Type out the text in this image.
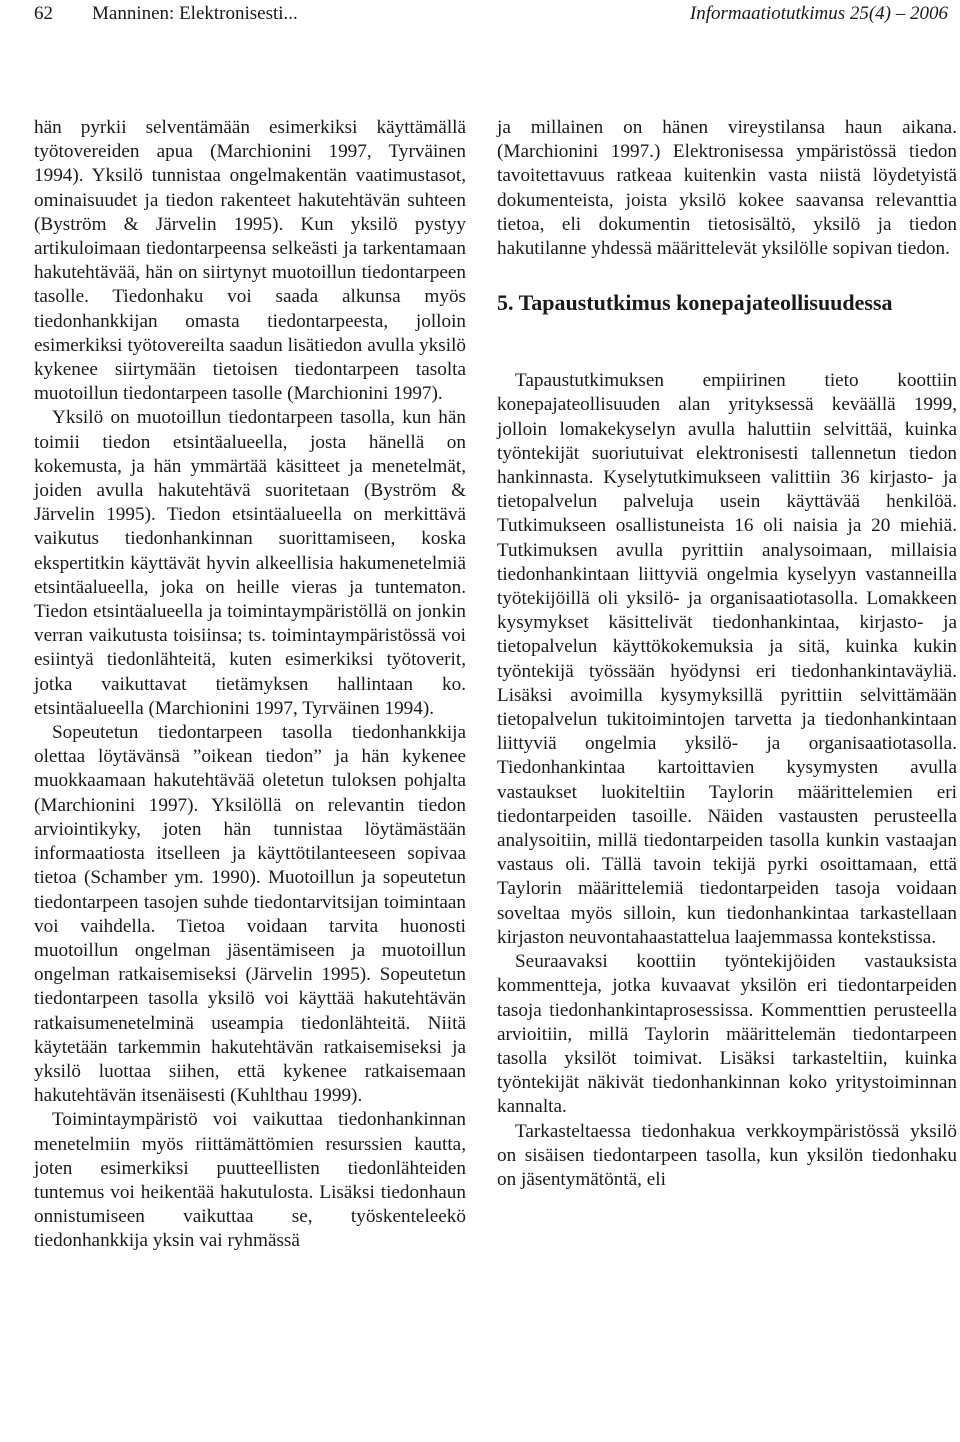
62 Manninen: Elektronisesti...	Informaatiotutkimus 25(4) – 2006

hän pyrkii selventämään esimerkiksi käyttämällä työtovereiden apua (Marchionini 1997, Tyrväinen 1994). Yksilö tunnistaa ongelmakentän vaatimustasot, ominaisuudet ja tiedon rakenteet hakutehtävän suhteen (Byström & Järvelin 1995). Kun yksilö pystyy artikuloimaan tiedontarpeensa selkeästi ja tarkentamaan hakutehtävää, hän on siirtynyt muotoillun tiedontarpeen tasolle. Tiedonhaku voi saada alkunsa myös tiedonhankkijan omasta tiedontarpeesta, jolloin esimerkiksi työtovereilta saadun lisätiedon avulla yksilö kykenee siirtymään tietoisen tiedontarpeen tasolta muotoillun tiedontarpeen tasolle (Marchionini 1997).

Yksilö on muotoillun tiedontarpeen tasolla, kun hän toimii tiedon etsintäalueella, josta hänellä on kokemusta, ja hän ymmärtää käsitteet ja menetelmät, joiden avulla hakutehtävä suoritetaan (Byström & Järvelin 1995). Tiedon etsintäalueella on merkittävä vaikutus tiedonhankinnan suorittamiseen, koska ekspertitkin käyttävät hyvin alkeellisia hakumenetelmiä etsintäalueella, joka on heille vieras ja tuntematon. Tiedon etsintäalueella ja toimintaympäristöllä on jonkin verran vaikutusta toisiinsa; ts. toimintaympäristössä voi esiintyä tiedonlähteitä, kuten esimerkiksi työtoverit, jotka vaikuttavat tietämyksen hallintaan ko. etsintäalueella (Marchionini 1997, Tyrväinen 1994).

Sopeutetun tiedontarpeen tasolla tiedonhankkija olettaa löytävänsä ”oikean tiedon” ja hän kykenee muokkaamaan hakutehtävää oletetun tuloksen pohjalta (Marchionini 1997). Yksilöllä on relevantin tiedon arviointikyky, joten hän tunnistaa löytämästään informaatiosta itselleen ja käyttötilanteeseen sopivaa tietoa (Schamber ym. 1990). Muotoillun ja sopeutetun tiedontarpeen tasojen suhde tiedontarvitsijan toimintaan voi vaihdella. Tietoa voidaan tarvita huonosti muotoillun ongelman jäsentämiseen ja muotoillun ongelman ratkaisemiseksi (Järvelin 1995). Sopeutetun tiedontarpeen tasolla yksilö voi käyttää hakutehtävän ratkaisumenetelminä useampia tiedonlähteitä. Niitä käytetään tarkemmin hakutehtävän ratkaisemiseksi ja yksilö luottaa siihen, että kykenee ratkaisemaan hakutehtävän itsenäisesti (Kuhlthau 1999).

Toimintaympäristö voi vaikuttaa tiedonhankinnan menetelmiin myös riittämättömien resurssien kautta, joten esimerkiksi puutteellisten tiedonlähteiden tuntemus voi heikentää hakutulosta. Lisäksi tiedonhaun onnistumiseen vaikuttaa se, työskenteleekö tiedonhankkija yksin vai ryhmässä

ja millainen on hänen vireystilansa haun aikana. (Marchionini 1997.) Elektronisessa ympäristössä tiedon tavoitettavuus ratkeaa kuitenkin vasta niistä löydetyistä dokumenteista, joista yksilö kokee saavansa relevanttia tietoa, eli dokumentin tietosisältö, yksilö ja tiedon hakutilanne yhdessä määrittelevät yksilölle sopivan tiedon.

5. Tapaustutkimus konepajateollisuudessa

Tapaustutkimuksen empiirinen tieto koottiin konepajateollisuuden alan yrityksessä keväällä 1999, jolloin lomakekyselyn avulla haluttiin selvittää, kuinka työntekijät suoriutuivat elektronisesti tallennetun tiedon hankinnasta. Kyselytutkimukseen valittiin 36 kirjasto- ja tietopalvelun palveluja usein käyttävää henkilöä. Tutkimukseen osallistuneista 16 oli naisia ja 20 miehiä. Tutkimuksen avulla pyrittiin analysoimaan, millaisia tiedonhankintaan liittyviä ongelmia kyselyyn vastanneilla työtekijöillä oli yksilö- ja organisaatiotasolla. Lomakkeen kysymykset käsittelivät tiedonhankintaa, kirjasto- ja tietopalvelun käyttökokemuksia ja sitä, kuinka kukin työntekijä työssään hyödynsi eri tiedonhankintaväyliä. Lisäksi avoimilla kysymyksillä pyrittiin selvittämään tietopalvelun tukitoimintojen tarvetta ja tiedonhankintaan liittyviä ongelmia yksilö- ja organisaatiotasolla. Tiedonhankintaa kartoittavien kysymysten avulla vastaukset luokiteltiin Taylorin määrittelemien eri tiedontarpeiden tasoille. Näiden vastausten perusteella analysoitiin, millä tiedontarpeiden tasolla kunkin vastaajan vastaus oli. Tällä tavoin tekijä pyrki osoittamaan, että Taylorin määrittelemiä tiedontarpeiden tasoja voidaan soveltaa myös silloin, kun tiedonhankintaa tarkastellaan kirjaston neuvontahaastattelua laajemmassa kontekstissa.

Seuraavaksi koottiin työntekijöiden vastauksista kommentteja, jotka kuvaavat yksilön eri tiedontarpeiden tasoja tiedonhankintaprosessissa. Kommenttien perusteella arvioitiin, millä Taylorin määrittelemän tiedontarpeen tasolla yksilöt toimivat. Lisäksi tarkasteltiin, kuinka työntekijät näkivät tiedonhankinnan koko yritystoiminnan kannalta.

Tarkasteltaessa tiedonhakua verkkoympäristössä yksilö on sisäisen tiedontarpeen tasolla, kun yksilön tiedonhaku on jäsentymätöntä, eli
